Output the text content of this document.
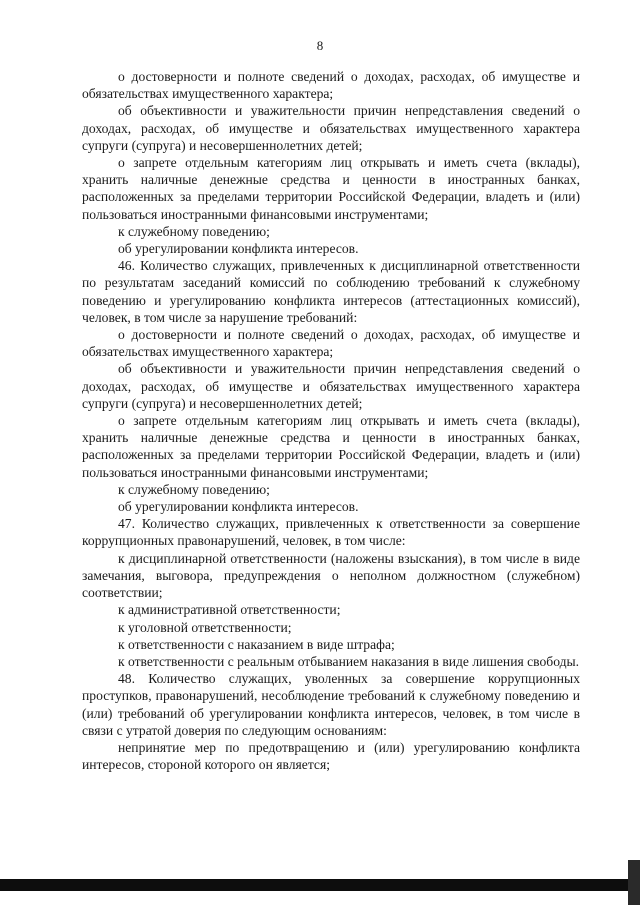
8

о достоверности и полноте сведений о доходах, расходах, об имуществе и обязательствах имущественного характера;

об объективности и уважительности причин непредставления сведений о доходах, расходах, об имуществе и обязательствах имущественного характера супруги (супруга) и несовершеннолетних детей;

о запрете отдельным категориям лиц открывать и иметь счета (вклады), хранить наличные денежные средства и ценности в иностранных банках, расположенных за пределами территории Российской Федерации, владеть и (или) пользоваться иностранными финансовыми инструментами;

к служебному поведению;

об урегулировании конфликта интересов.

46. Количество служащих, привлеченных к дисциплинарной ответственности по результатам заседаний комиссий по соблюдению требований к служебному поведению и урегулированию конфликта интересов (аттестационных комиссий), человек, в том числе за нарушение требований:

о достоверности и полноте сведений о доходах, расходах, об имуществе и обязательствах имущественного характера;

об объективности и уважительности причин непредставления сведений о доходах, расходах, об имуществе и обязательствах имущественного характера супруги (супруга) и несовершеннолетних детей;

о запрете отдельным категориям лиц открывать и иметь счета (вклады), хранить наличные денежные средства и ценности в иностранных банках, расположенных за пределами территории Российской Федерации, владеть и (или) пользоваться иностранными финансовыми инструментами;

к служебному поведению;

об урегулировании конфликта интересов.

47. Количество служащих, привлеченных к ответственности за совершение коррупционных правонарушений, человек, в том числе:

к дисциплинарной ответственности (наложены взыскания), в том числе в виде замечания, выговора, предупреждения о неполном должностном (служебном) соответствии;

к административной ответственности;

к уголовной ответственности;

к ответственности с наказанием в виде штрафа;

к ответственности с реальным отбыванием наказания в виде лишения свободы.

48. Количество служащих, уволенных за совершение коррупционных проступков, правонарушений, несоблюдение требований к служебному поведению и (или) требований об урегулировании конфликта интересов, человек, в том числе в связи с утратой доверия по следующим основаниям:

непринятие мер по предотвращению и (или) урегулированию конфликта интересов, стороной которого он является;
